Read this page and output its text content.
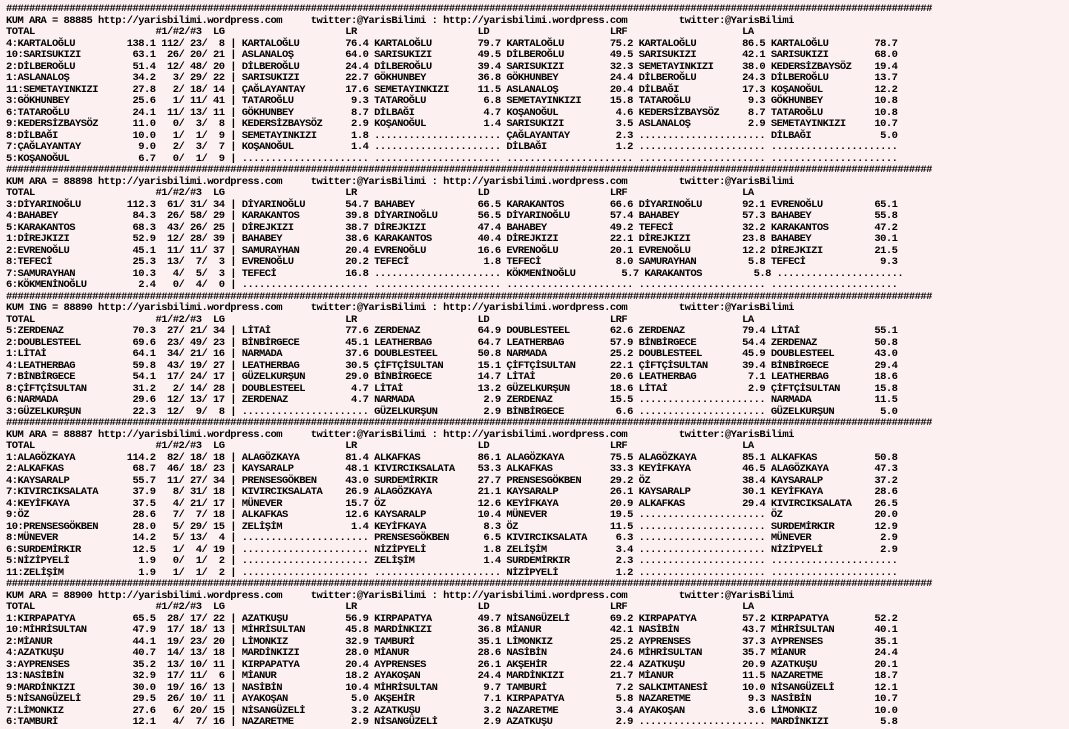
#################################################################################################################################################################
KUM ARA = 88885 http://yarisbilimi.wordpress.com     twitter:@YarisBilimi : http://yarisbilimi.wordpress.com         twitter:@YarisBilimi
TOTAL                     #1/#2/#3  LG                     LR                     LD                     LRF                    LA
4:KARTALOĞLU         138.1 112/ 23/  8 | KARTALOĞLU        76.4 KARTALOĞLU        79.7 KARTALOĞLU        75.2 KARTALOĞLU        86.5 KARTALOĞLU        78.7
10:SARISUKIZI         63.1  26/ 20/ 21 | ASLANALOŞ         64.0 SARISUKIZI        49.5 DİLBEROĞLU        49.5 SARISUKIZI        42.1 SARISUKIZI        68.0
2:DİLBEROĞLU          51.4  12/ 48/ 20 | DİLBEROĞLU        24.4 DİLBEROĞLU        39.4 SARISUKIZI        32.3 SEMETAYINKIZI     38.0 KEDERSİZBAYSÖZ    19.4
1:ASLANALOŞ           34.2   3/ 29/ 22 | SARISUKIZI        22.7 GÖKHUNBEY         36.8 GÖKHUNBEY         24.4 DİLBEROĞLU        24.3 DİLBEROĞLU        13.7
11:SEMETAYINKIZI      27.8   2/ 18/ 14 | ÇAĞLAYANTAY       17.6 SEMETAYINKIZI     11.5 ASLANALOŞ         20.4 DİLBAĞI           17.3 KOŞANOĞUL         12.2
3:GÖKHUNBEY           25.6   1/ 11/ 41 | TATAROĞLU          9.3 TATAROĞLU          6.8 SEMETAYINKIZI     15.8 TATAROĞLU          9.3 GÖKHUNBEY         10.8
6:TATAROĞLU           24.1  11/ 13/ 11 | GÖKHUNBEY          8.7 DİLBAĞI            4.7 KOŞANOĞUL          4.6 KEDERSİZBAYSÖZ     8.7 TATAROĞLU         10.8
9:KEDERSİZBAYSÖZ      11.0   0/  3/  8 | KEDERSİZBAYSÖZ     2.9 KOŞANOĞUL          1.4 SARISUKIZI         3.5 ASLANALOŞ          2.9 SEMETAYINKIZI     10.7
8:DİLBAĞI             10.0   1/  1/  9 | SEMETAYINKIZI      1.8 ...................... ÇAĞLAYANTAY        2.3 ...................... DİLBAĞI            5.0
7:ÇAĞLAYANTAY          9.0   2/  3/  7 | KOŞANOĞUL          1.4 ...................... DİLBAĞI            1.2 ...................... ......................
5:KOŞANOĞUL            6.7   0/  1/  9 | ...................... ...................... ...................... ...................... ......................
#################################################################################################################################################################
KUM ARA = 88898 http://yarisbilimi.wordpress.com     twitter:@YarisBilimi : http://yarisbilimi.wordpress.com         twitter:@YarisBilimi
TOTAL                     #1/#2/#3  LG                     LR                     LD                     LRF                    LA
3:DİYARINOĞLU        112.3  61/ 31/ 34 | DİYARINOĞLU       54.7 BAHABEY           66.5 KARAKANTOS        66.6 DİYARINOĞLU       92.1 EVRENOĞLU         65.1
4:BAHABEY             84.3  26/ 58/ 29 | KARAKANTOS        39.8 DİYARINOĞLU       56.5 DİYARINOĞLU       57.4 BAHABEY           57.3 BAHABEY           55.8
5:KARAKANTOS          68.3  43/ 26/ 25 | DİREJKIZI         38.7 DİREJKIZI         47.4 BAHABEY           49.2 TEFECİ            32.2 KARAKANTOS        47.2
1:DİREJKIZI           52.9  12/ 28/ 39 | BAHABEY           38.6 KARAKANTOS        40.4 DİREJKIZI         22.1 DİREJKIZI         23.8 BAHABEY           30.1
2:EVRENOĞLU           45.1  11/ 11/ 37 | SAMURAYHAN        20.4 EVRENOĞLU         16.6 EVRENOĞLU         20.1 EVRENOĞLU         12.2 DİREJKIZI         21.5
8:TEFECİ              25.3  13/  7/  3 | EVRENOĞLU         20.2 TEFECİ             1.8 TEFECİ             8.0 SAMURAYHAN         5.8 TEFECİ             9.3
7:SAMURAYHAN          10.3   4/  5/  3 | TEFECİ            16.8 ...................... KÖKMENİNOĞLU        5.7 KARAKANTOS         5.8 ......................
6:KÖKMENİNOĞLU         2.4   0/  4/  0 | ...................... ...................... ...................... ...................... ......................
#################################################################################################################################################################
KUM ING = 88890 http://yarisbilimi.wordpress.com     twitter:@YarisBilimi : http://yarisbilimi.wordpress.com         twitter:@YarisBilimi
TOTAL                     #1/#2/#3  LG                     LR                     LD                     LRF                    LA
5:ZERDENAZ            70.3  27/ 21/ 34 | LİTAİ             77.6 ZERDENAZ          64.9 DOUBLESTEEL       62.6 ZERDENAZ          79.4 LİTAİ             55.1
2:DOUBLESTEEL         69.6  23/ 49/ 23 | BİNBİRGECE        45.1 LEATHERBAG        64.7 LEATHERBAG        57.9 BİNBİRGECE        54.4 ZERDENAZ          50.8
1:LİTAİ               64.1  34/ 21/ 16 | NARMADA           37.6 DOUBLESTEEL       50.8 NARMADA           25.2 DOUBLESTEEL       45.9 DOUBLESTEEL       43.0
4:LEATHERBAG          59.8  43/ 19/ 27 | LEATHERBAG        30.5 ÇİFTÇİSULTAN      15.1 ÇİFTÇİSULTAN      22.1 ÇİFTÇİSULTAN      39.4 BİNBİRGECE        29.4
7:BİNBİRGECE          54.1  17/ 24/ 17 | GÜZELKURŞUN       29.0 BİNBİRGECE        14.7 LİTAİ             20.6 LEATHERBAG         7.1 LEATHERBAG        18.6
8:ÇİFTÇİSULTAN        31.2   2/ 14/ 28 | DOUBLESTEEL        4.7 LİTAİ             13.2 GÜZELKURŞUN       18.6 LİTAİ              2.9 ÇİFTÇİSULTAN      15.8
6:NARMADA             29.6  12/ 13/ 17 | ZERDENAZ           4.7 NARMADA            2.9 ZERDENAZ          15.5 ...................... NARMADA           11.5
3:GÜZELKURŞUN         22.3  12/  9/  8 | ...................... GÜZELKURŞUN        2.9 BİNBİRGECE         6.6 ...................... GÜZELKURŞUN        5.0
#################################################################################################################################################################
KUM ARA = 88887 http://yarisbilimi.wordpress.com     twitter:@YarisBilimi : http://yarisbilimi.wordpress.com         twitter:@YarisBilimi
TOTAL                     #1/#2/#3  LG                     LR                     LD                     LRF                    LA
1:ALAGÖZKAYA         114.2  82/ 18/ 18 | ALAGÖZKAYA        81.4 ALKAFKAS          86.1 ALAGÖZKAYA        75.5 ALAGÖZKAYA        85.1 ALKAFKAS          50.8
2:ALKAFKAS            68.7  46/ 18/ 23 | KAYSARALP         48.1 KIVIRCIKSALATA    53.3 ALKAFKAS          33.3 KEYİFKAYA         46.5 ALAGÖZKAYA        47.3
4:KAYSARALP           55.7  11/ 27/ 34 | PRENSESGÖKBEN     43.0 SURDEMİRKIR       27.7 PRENSESGÖKBEN     29.2 ÖZ                38.4 KAYSARALP         37.2
7:KIVIRCIKSALATA      37.9   8/ 31/ 18 | KIVIRCIKSALATA    26.9 ALAGÖZKAYA        21.1 KAYSARALP         26.1 KAYSARALP         30.1 KEYİFKAYA         28.6
4:KEYİFKAYA           37.5   4/ 21/ 17 | MÜNEVER           15.7 ÖZ                12.6 KEYİFKAYA         20.9 ALKAFKAS          29.4 KIVIRCIKSALATA    26.5
9:ÖZ                  28.6   7/  7/ 18 | ALKAFKAS          12.6 KAYSARALP         10.4 MÜNEVER           19.5 ...................... ÖZ                20.0
10:PRENSESGÖKBEN      28.0   5/ 29/ 15 | ZELİŞİM            1.4 KEYİFKAYA          8.3 ÖZ                11.5 ...................... SURDEMİRKIR       12.9
8:MÜNEVER             14.2   5/ 13/  4 | ...................... PRENSESGÖKBEN      6.5 KIVIRCIKSALATA     6.3 ...................... MÜNEVER            2.9
6:SURDEMİRKIR         12.5   1/  4/ 19 | ...................... NİZİPYELİ          1.8 ZELİŞİM            3.4 ...................... NİZİPYELİ          2.9
5:NİZİPYELİ            1.9   0/  1/  2 | ...................... ZELİŞİM            1.4 SURDEMİRKIR        2.3 ...................... ......................
11:ZELİŞİM             1.9   1/  1/  2 | ...................... ...................... NİZİPYELİ          1.2 ...................... ......................
#################################################################################################################################################################
KUM ARA = 88900 http://yarisbilimi.wordpress.com     twitter:@YarisBilimi : http://yarisbilimi.wordpress.com         twitter:@YarisBilimi
TOTAL                     #1/#2/#3  LG                     LR                     LD                     LRF                    LA
1:KIRPAPATYA          65.5  28/ 17/ 22 | AZATKUŞU          56.9 KIRPAPATYA        49.7 NİSANGÜZELİ       69.2 KIRPAPATYA        57.2 KIRPAPATYA        52.2
10:MİHRİSULTAN        47.9  17/ 18/ 13 | MİHRİSULTAN       45.8 MARDİNKIZI        36.8 MİANUR            42.1 NASİBİN           43.7 MİHRİSULTAN       40.1
2:MİANUR              44.1  19/ 23/ 20 | LİMONKIZ          32.9 TAMBURİ           35.1 LİMONKIZ          25.2 AYPRENSES         37.3 AYPRENSES         35.1
4:AZATKUŞU            40.7  14/ 13/ 18 | MARDİNKIZI        28.0 MİANUR            28.6 NASİBİN           24.6 MİHRİSULTAN       35.7 MİANUR            24.4
3:AYPRENSES           35.2  13/ 10/ 11 | KIRPAPATYA        20.4 AYPRENSES         26.1 AKŞEHİR           22.4 AZATKUŞU          20.9 AZATKUŞU          20.1
13:NASİBİN            32.9  17/ 11/  6 | MİANUR            18.2 AYAKOŞAN          24.4 MARDİNKIZI        21.7 MİANUR            11.5 NAZARETME         18.7
9:MARDİNKIZI          30.0  19/ 16/ 13 | NASİBİN           10.4 MİHRİSULTAN        9.7 TAMBURİ            7.2 SALKIMTANESİ      10.0 NİSANGÜZELİ       12.1
5:NİSANGÜZELİ         29.5  26/ 10/ 11 | AYAKOŞAN           5.0 AKŞEHİR            7.1 KIRPAPATYA         5.8 NAZARETME          9.3 NASİBİN           10.7
7:LİMONKIZ            27.6   6/ 20/ 15 | NİSANGÜZELİ        3.2 AZATKUŞU           3.2 NAZARETME          3.4 AYAKOŞAN           3.6 LİMONKIZ          10.0
6:TAMBURİ             12.1   4/  7/ 16 | NAZARETME          2.9 NİSANGÜZELİ        2.9 AZATKUŞU           2.9 ...................... MARDİNKIZI         5.8
